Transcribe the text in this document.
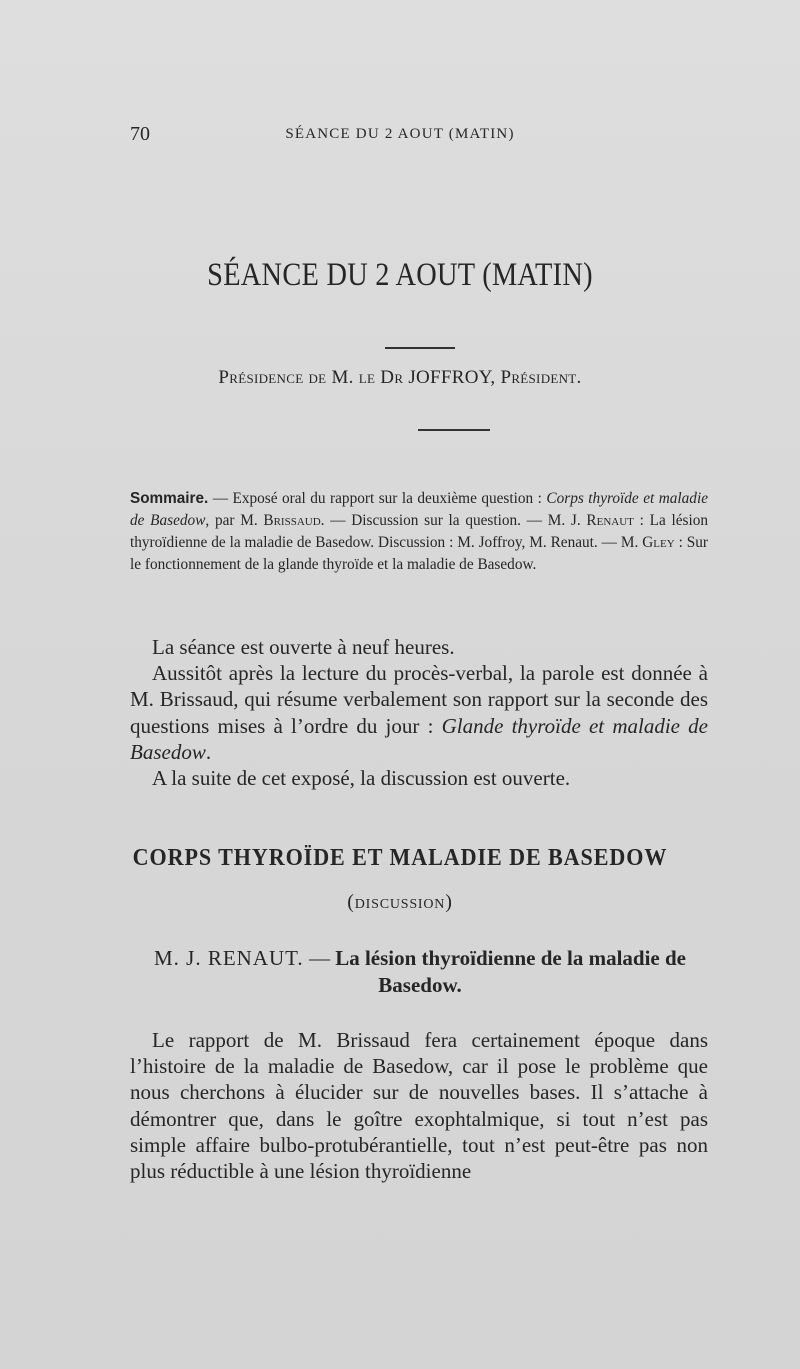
70	SÉANCE DU 2 AOUT (MATIN)
SÉANCE DU 2 AOUT (MATIN)
Présidence de M. le Dr JOFFROY, Président.
Sommaire. — Exposé oral du rapport sur la deuxième question : Corps thyroïde et maladie de Basedow, par M. Brissaud. — Discussion sur la question. — M. J. Renaut : La lésion thyroïdienne de la maladie de Basedow. Discussion : M. Joffroy, M. Renaut. — M. Gley : Sur le fonctionnement de la glande thyroïde et la maladie de Basedow.

La séance est ouverte à neuf heures.

Aussitôt après la lecture du procès-verbal, la parole est donnée à M. Brissaud, qui résume verbalement son rapport sur la seconde des questions mises à l’ordre du jour : Glande thyroïde et maladie de Basedow.

A la suite de cet exposé, la discussion est ouverte.

CORPS THYROÏDE ET MALADIE DE BASEDOW
(discussion)
M. J. RENAUT. — La lésion thyroïdienne de la maladie de Basedow.

Le rapport de M. Brissaud fera certainement époque dans l’histoire de la maladie de Basedow, car il pose le problème que nous cherchons à élucider sur de nouvelles bases. Il s’attache à démontrer que, dans le goître exophtalmique, si tout n’est pas simple affaire bulbo-protubérantielle, tout n’est peut-être pas non plus réductible à une lésion thyroïdienne
